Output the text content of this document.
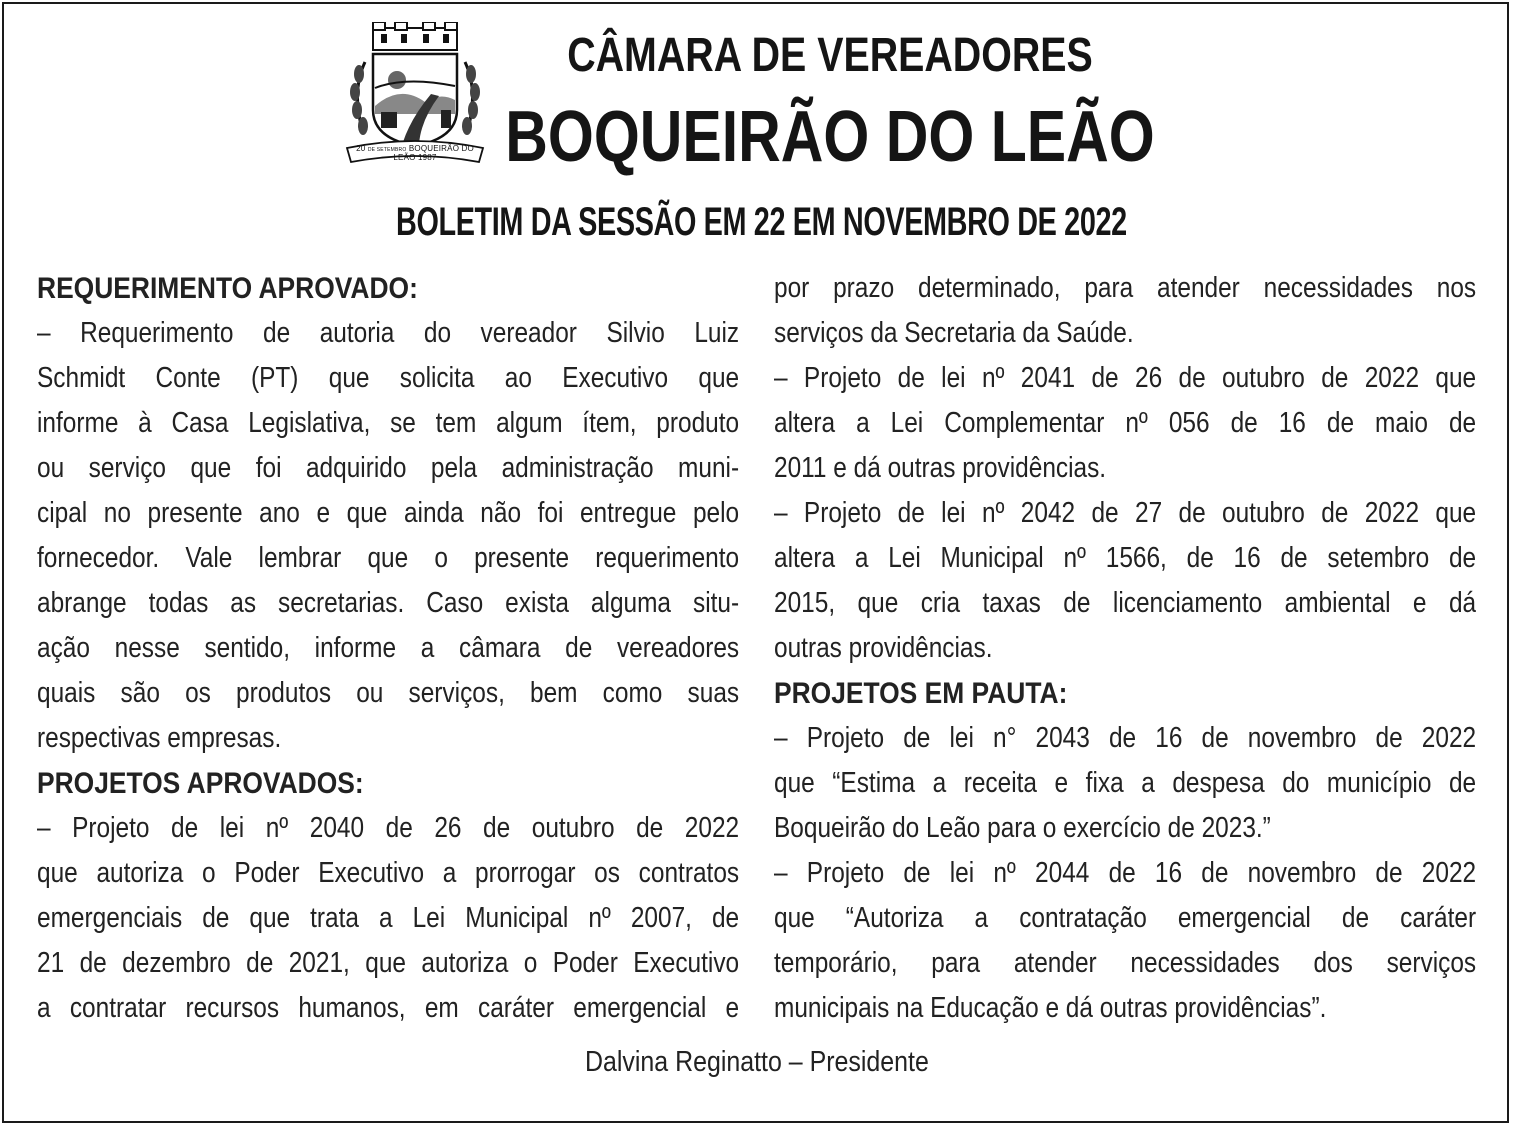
20 DE SETEMBRO BOQUEIRÃO DO LEÃO 1987
CÂMARA DE VEREADORES
BOQUEIRÃO DO LEÃO
BOLETIM DA SESSÃO EM 22 EM NOVEMBRO DE 2022
REQUERIMENTO APROVADO:
– Requerimento de autoria do vereador Silvio Luiz
Schmidt Conte (PT) que solicita ao Executivo que
informe à Casa Legislativa, se tem algum ítem, produto
ou serviço que foi adquirido pela administração muni-
cipal no presente ano e que ainda não foi entregue pelo
fornecedor. Vale lembrar que o presente requerimento
abrange todas as secretarias. Caso exista alguma situ-
ação nesse sentido, informe a câmara de vereadores
quais são os produtos ou serviços, bem como suas
respectivas empresas.
PROJETOS APROVADOS:
– Projeto de lei nº 2040 de 26 de outubro de 2022
que autoriza o Poder Executivo a prorrogar os contratos
emergenciais de que trata a Lei Municipal nº 2007, de
21 de dezembro de 2021, que autoriza o Poder Executivo
a contratar recursos humanos, em caráter emergencial e
por prazo determinado, para atender necessidades nos
serviços da Secretaria da Saúde.
– Projeto de lei nº 2041 de 26 de outubro de 2022 que
altera a Lei Complementar nº 056 de 16 de maio de
2011 e dá outras providências.
– Projeto de lei nº 2042 de 27 de outubro de 2022 que
altera a Lei Municipal nº 1566, de 16 de setembro de
2015, que cria taxas de licenciamento ambiental e dá
outras providências.
PROJETOS EM PAUTA:
– Projeto de lei n° 2043 de 16 de novembro de 2022
que “Estima a receita e fixa a despesa do município de
Boqueirão do Leão para o exercício de 2023.”
– Projeto de lei nº 2044 de 16 de novembro de 2022
que “Autoriza a contratação emergencial de caráter
temporário, para atender necessidades dos serviços
municipais na Educação e dá outras providências”.
Dalvina Reginatto – Presidente
